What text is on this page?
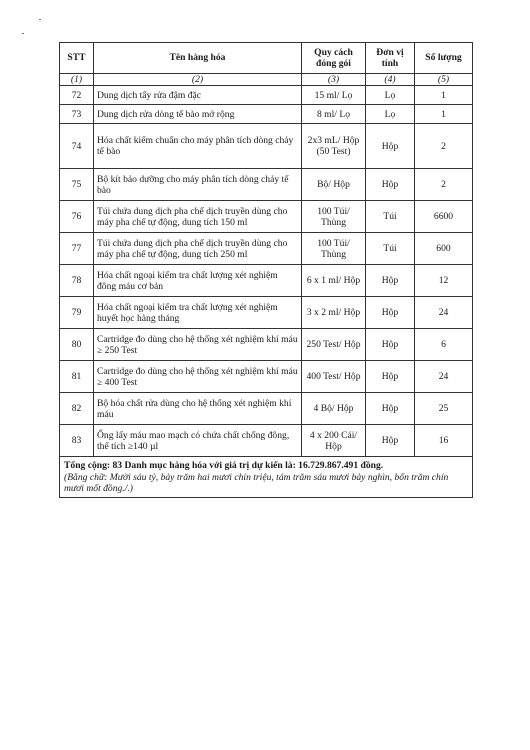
STT	Tên hàng hóa	Quy cách đóng gói	Đơn vị tính	Số lượng
(1)	(2)	(3)	(4)	(5)
72	Dung dịch tẩy rửa đậm đặc	15 ml/ Lọ	Lọ	1
73	Dung dịch rửa dòng tế bào mở rộng	8 ml/ Lọ	Lọ	1
74	Hóa chất kiểm chuẩn cho máy phân tích dòng chảy tế bào	2x3 mL/ Hộp (50 Test)	Hộp	2
75	Bộ kít bảo dưỡng cho máy phân tích dòng chảy tế bào	Bộ/ Hộp	Hộp	2
76	Túi chứa dung dịch pha chế dịch truyền dùng cho máy pha chế tự động, dung tích 150 ml	100 Túi/ Thùng	Túi	6600
77	Túi chứa dung dịch pha chế dịch truyền dùng cho máy pha chế tự động, dung tích 250 ml	100 Túi/ Thùng	Túi	600
78	Hóa chất ngoại kiểm tra chất lượng xét nghiệm đông máu cơ bản	6 x 1 ml/ Hộp	Hộp	12
79	Hóa chất ngoại kiểm tra chất lượng xét nghiệm huyết học hàng tháng	3 x 2 ml/ Hộp	Hộp	24
80	Cartridge đo dùng cho hệ thống xét nghiệm khí máu ≥ 250 Test	250 Test/ Hộp	Hộp	6
81	Cartridge đo dùng cho hệ thống xét nghiệm khí máu ≥ 400 Test	400 Test/ Hộp	Hộp	24
82	Bộ hóa chất rửa dùng cho hệ thống xét nghiệm khí máu	4 Bộ/ Hộp	Hộp	25
83	Ống lấy máu mao mạch có chứa chất chống đông, thể tích ≥140 µl	4 x 200 Cái/ Hộp	Hộp	16

Tổng cộng: 83 Danh mục hàng hóa với giá trị dự kiến là: 16.729.867.491 đồng.
(Bằng chữ: Mười sáu tỷ, bảy trăm hai mươi chín triệu, tám trăm sáu mươi bảy nghìn, bốn trăm chín mươi mốt đồng./.)				
